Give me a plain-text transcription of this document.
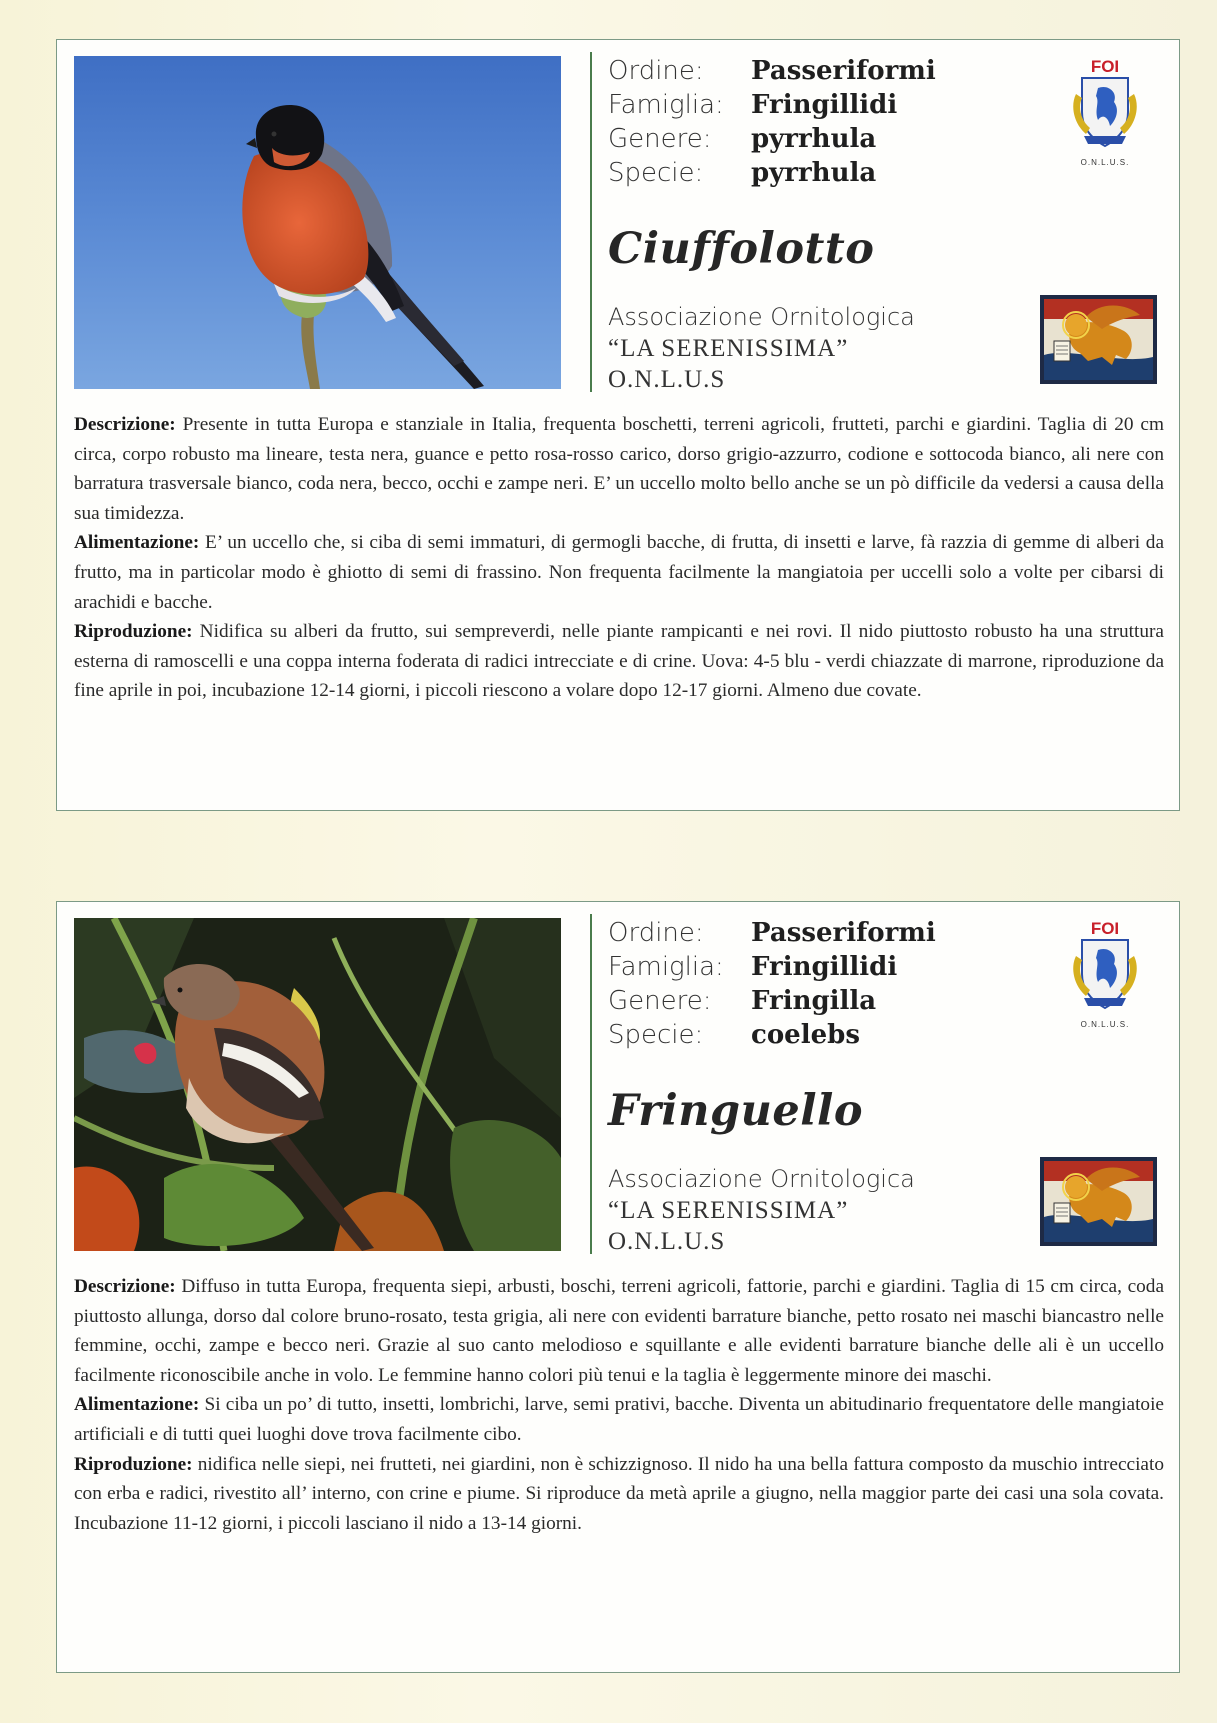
Ordine:	Passeriformi
Famiglia:	Fringillidi
Genere:	pyrrhula
Specie:	pyrrhula
FOI
O.N.L.U.S.
Ciuffolotto
Associazione Ornitologica
“LA SERENISSIMA”
O.N.L.U.S

Descrizione: Presente in tutta Europa e stanziale in Italia, frequenta boschetti, terreni agricoli, frutteti, parchi e giardini. Taglia di 20 cm circa, corpo robusto ma lineare, testa nera, guance e petto rosa-rosso carico, dorso grigio-azzurro, codione e sottocoda bianco, ali nere con barratura trasversale bianco, coda nera, becco, occhi e zampe neri. E’ un uccello molto bello anche se un pò difficile da vedersi a causa della sua timidezza.

Alimentazione: E’ un uccello che, si ciba di semi immaturi, di germogli bacche, di frutta, di insetti e larve, fà razzia di gemme di alberi da frutto, ma in particolar modo è ghiotto di semi di frassino. Non frequenta facilmente la mangiatoia per uccelli solo a volte per cibarsi di arachidi e bacche.

Riproduzione: Nidifica su alberi da frutto, sui sempreverdi, nelle piante rampicanti e nei rovi. Il nido piuttosto robusto ha una struttura esterna di ramoscelli e una coppa interna foderata di radici intrecciate e di crine. Uova: 4-5 blu - verdi chiazzate di marrone, riproduzione da fine aprile in poi, incubazione 12-14 giorni, i piccoli riescono a volare dopo 12-17 giorni. Almeno due covate.

Ordine:	Passeriformi
Famiglia:	Fringillidi
Genere:	Fringilla
Specie:	coelebs
FOI
O.N.L.U.S.
Fringuello
Associazione Ornitologica
“LA SERENISSIMA”
O.N.L.U.S

Descrizione: Diffuso in tutta Europa, frequenta siepi, arbusti, boschi, terreni agricoli, fattorie, parchi e giardini. Taglia di 15 cm circa, coda piuttosto allunga, dorso dal colore bruno-rosato, testa grigia, ali nere con evidenti barrature bianche, petto rosato nei maschi biancastro nelle femmine, occhi, zampe e becco neri. Grazie al suo canto melodioso e squillante e alle evidenti barrature bianche delle ali è un uccello facilmente riconoscibile anche in volo. Le femmine hanno colori più tenui e la taglia è leggermente minore dei maschi.

Alimentazione: Si ciba un po’ di tutto, insetti, lombrichi, larve, semi prativi, bacche. Diventa un abitudinario frequentatore delle mangiatoie artificiali e di tutti quei luoghi dove trova facilmente cibo.

Riproduzione: nidifica nelle siepi, nei frutteti, nei giardini, non è schizzignoso. Il nido ha una bella fattura composto da muschio intrecciato con erba e radici, rivestito all’ interno, con crine e piume. Si riproduce da metà aprile a giugno, nella maggior parte dei casi una sola covata. Incubazione 11-12 giorni, i piccoli lasciano il nido a 13-14 giorni.
